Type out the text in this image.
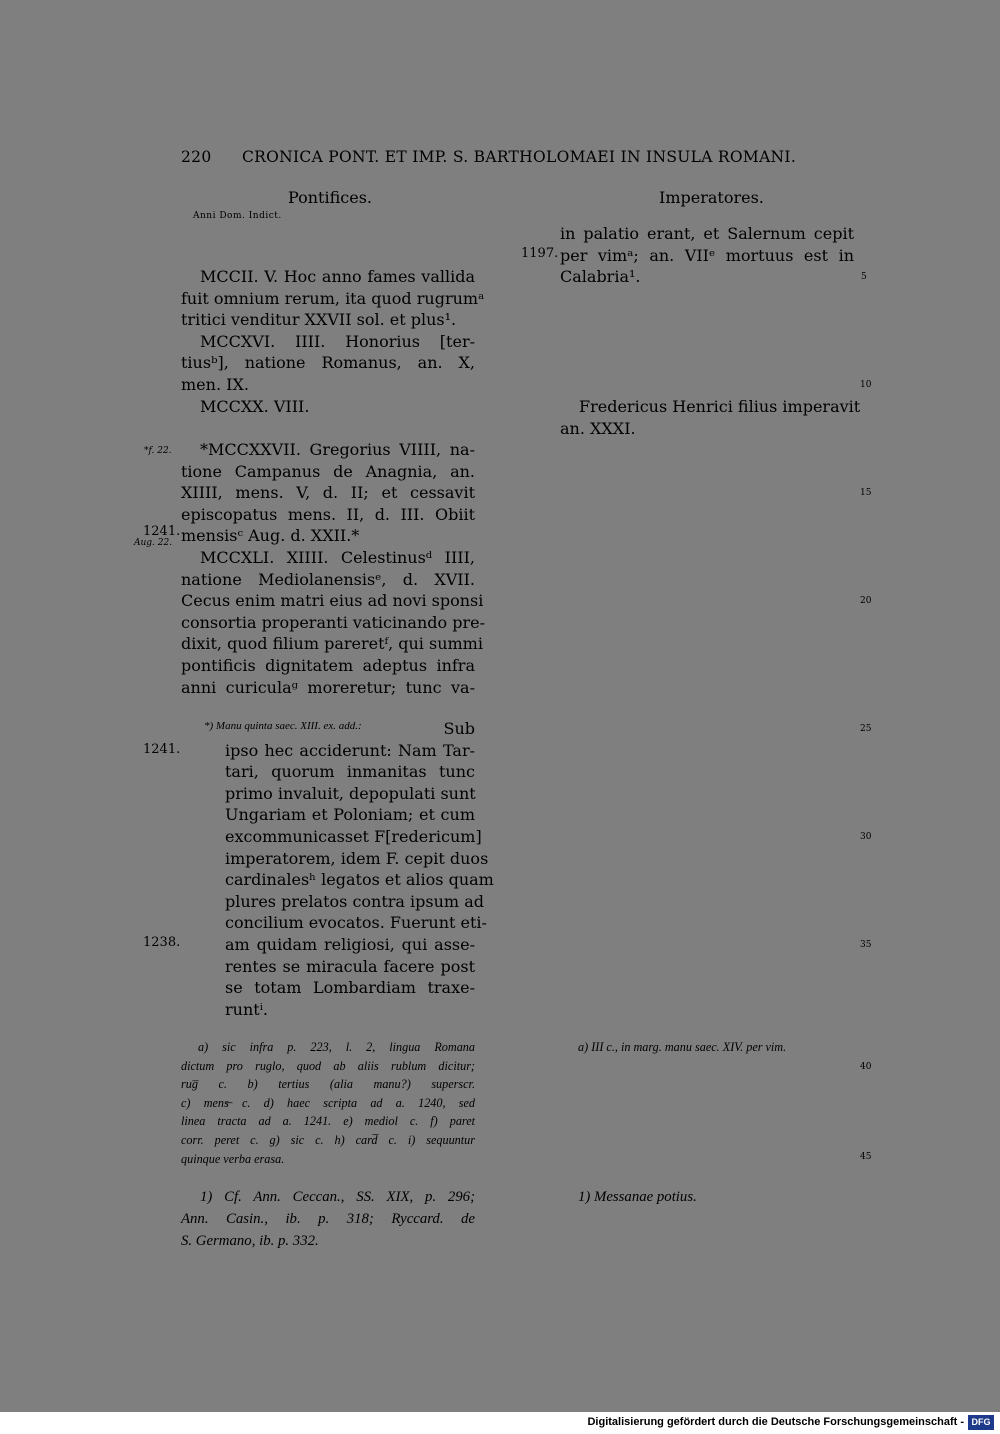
220 CRONICA PONT. ET IMP. S. BARTHOLOMAEI IN INSULA ROMANI.
Pontifices.
Anni Dom. Indict.
Imperatores.
MCCII. V. Hoc anno fames vallida
fuit omnium rerum, ita quod rugrumᵃ
tritici venditur XXVII sol. et plus¹.
MCCXVI. IIII. Honorius [ter-
tiusᵇ], natione Romanus, an. X,
men. IX.
MCCXX. VIII.
*MCCXXVII. Gregorius VIIII, na-
tione Campanus de Anagnia, an.
XIIII, mens. V, d. II; et cessavit
episcopatus mens. II, d. III. Obiit
mensisᶜ Aug. d. XXII.*
MCCXLI. XIIII. Celestinusᵈ IIII,
natione Mediolanensisᵉ, d. XVII.
Cecus enim matri eius ad novi sponsi
consortia properanti vaticinando pre-
dixit, quod filium pareretᶠ, qui summi
pontificis dignitatem adeptus infra
anni curiculaᵍ moreretur; tunc va-
in palatio erant, et Salernum cepit
per vimᵃ; an. VIIᵉ mortuus est in
Calabria¹.
Fredericus Henrici filius imperavit
an. XXXI.
*) Manu quinta saec. XIII. ex. add.:	Sub
ipso hec acciderunt: Nam Tar-
tari, quorum inmanitas tunc
primo invaluit, depopulati sunt
Ungariam et Poloniam; et cum
excommunicasset F[redericum]
imperatorem, idem F. cepit duos
cardinalesʰ legatos et alios quam
plures prelatos contra ipsum ad
concilium evocatos. Fuerunt eti-
am quidam religiosi, qui asse-
rentes se miracula facere post
se totam Lombardiam traxe-
runtⁱ.
*f. 22.
1241.
Aug. 22.
1241.
1238.
1197.
5
10
15
20
25
30
35
40
45
a) sic infra p. 223, l. 2, lingua Romana
dictum pro ruglo, quod ab aliis rublum dicitur;
rug̅ c. b) tertius (alia manu?) superscr.
c) mens̶ c. d) haec scripta ad a. 1240, sed
linea tracta ad a. 1241. e) mediol c. f) paret
corr. peret c. g) sic c. h) card̅ c. i) sequuntur
quinque verba erasa.
a) III c., in marg. manu saec. XIV. per vim.
1) Cf. Ann. Ceccan., SS. XIX, p. 296;
Ann. Casin., ib. p. 318; Ryccard. de
S. Germano, ib. p. 332.
1) Messanae potius.
Digitalisierung gefördert durch die Deutsche Forschungsgemeinschaft - DFG
